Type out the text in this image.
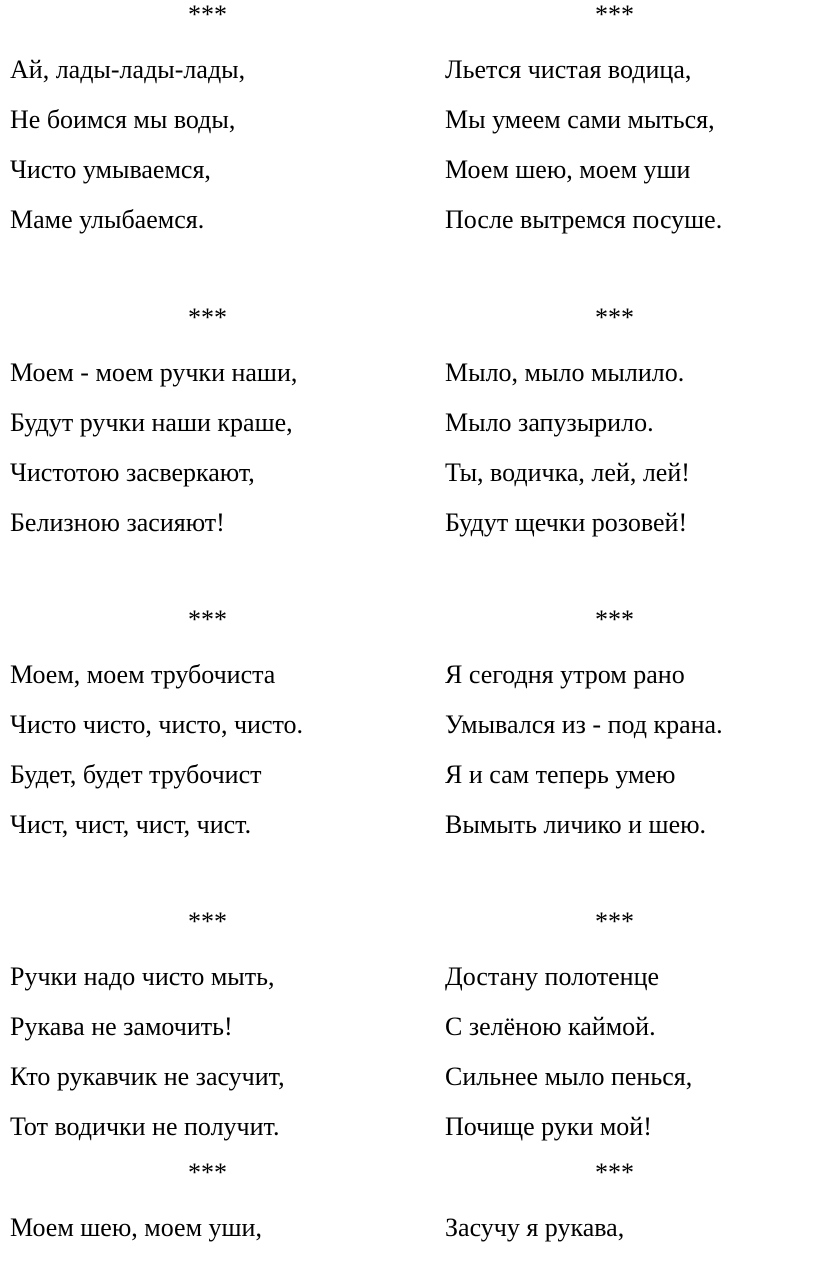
***
Ай, лады-лады-лады,
Не боимся мы воды,
Чисто умываемся,
Маме улыбаемся.
***
Моем - моем ручки наши,
Будут ручки наши краше,
Чистотою засверкают,
Белизною засияют!
***
Моем, моем трубочиста
Чисто чисто, чисто, чисто.
Будет, будет трубочист
Чист, чист, чист, чист.
***
Ручки надо чисто мыть,
Рукава не замочить!
Кто рукавчик не засучит,
Тот водички не получит.
***
Моем шею, моем уши,
***
Льется чистая водица,
Мы умеем сами мыться,
Моем шею, моем уши
После вытремся посуше.
***
Мыло, мыло мылило.
Мыло запузырило.
Ты, водичка, лей, лей!
Будут щечки розовей!
***
Я сегодня утром рано
Умывался из - под крана.
Я и сам теперь умею
Вымыть личико и шею.
***
Достану полотенце
С зелёною каймой.
Сильнее мыло пенься,
Почище руки мой!
***
Засучу я рукава,
